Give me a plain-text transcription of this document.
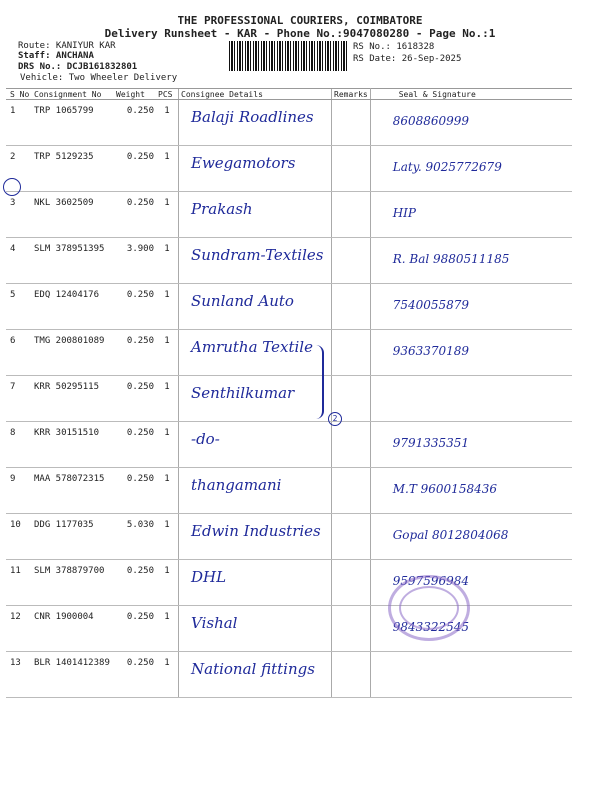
THE PROFESSIONAL COURIERS, COIMBATORE
Delivery Runsheet - KAR - Phone No.:9047080280 - Page No.:1
Route: KANIYUR KAR
Staff: ANCHANA
DRS No.: DCJB161832801
Vehicle: Two Wheeler Delivery
RS No.: 1618328
RS Date: 26-Sep-2025
S No	Consignment No	Weight	PCS	Consignee Details	Remarks	Seal & Signature
1	TRP 1065799	0.250	1	Balaji Roadlines		8608860999

2	TRP 5129235	0.250	1	Ewegamotors		Laty. 9025772679

3	NKL 3602509	0.250	1	Prakash		HIP

4	SLM 378951395	3.900	1	Sundram-Textiles		R. Bal 9880511185

5	EDQ 12404176	0.250	1	Sunland Auto		7540055879

6	TMG 200801089	0.250	1	Amrutha Textile		9363370189

7	KRR 50295115	0.250	1	Senthilkumar		

8	KRR 30151510	0.250	1	-do-		9791335351

9	MAA 578072315	0.250	1	thangamani		M.T 9600158436

10	DDG 1177035	5.030	1	Edwin Industries		Gopal 8012804068

11	SLM 378879700	0.250	1	DHL		9597596984

12	CNR 1900004	0.250	1	Vishal		9843322545

13	BLR 1401412389	0.250	1	National fittings		

2
